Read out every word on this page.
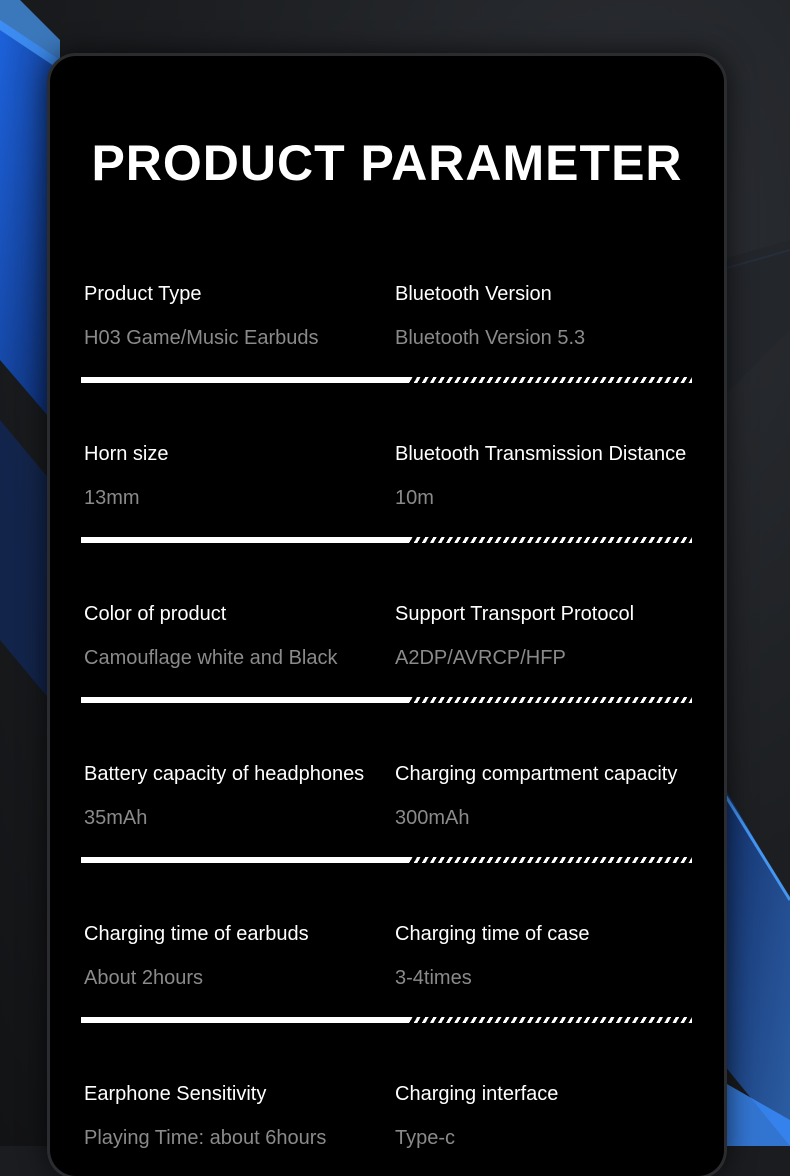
PRODUCT PARAMETER
Product Type
H03 Game/Music Earbuds
Bluetooth Version
Bluetooth Version 5.3
Horn size
13mm
Bluetooth Transmission Distance
10m
Color of product
Camouflage white and Black
Support Transport Protocol
A2DP/AVRCP/HFP
Battery capacity of headphones
35mAh
Charging compartment capacity
300mAh
Charging time of earbuds
About 2hours
Charging time of case
3-4times
Earphone Sensitivity
Playing Time: about 6hours
Charging interface
Type-c
